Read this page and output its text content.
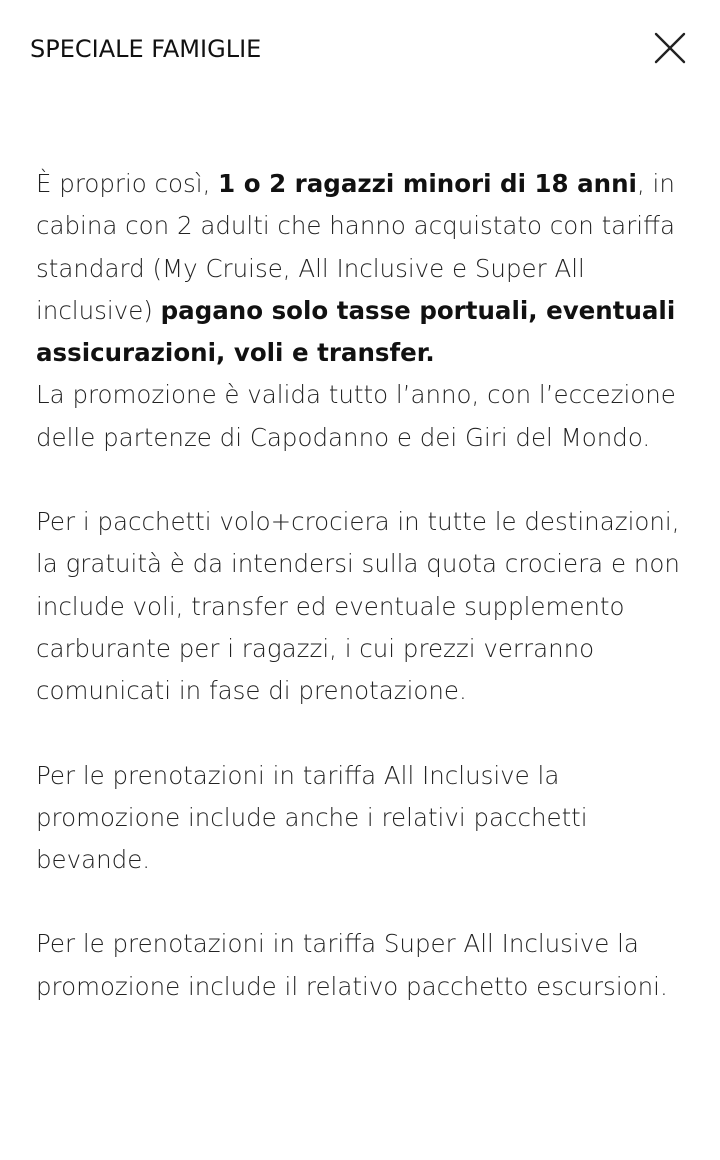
SPECIALE FAMIGLIE

È proprio così, 1 o 2 ragazzi minori di 18 anni, in cabina con 2 adulti che hanno acquistato con tariffa standard (My Cruise, All Inclusive e Super All inclusive) pagano solo tasse portuali, eventuali assicurazioni, voli e transfer.
La promozione è valida tutto l’anno, con l’eccezione delle partenze di Capodanno e dei Giri del Mondo.

Per i pacchetti volo+crociera in tutte le destinazioni, la gratuità è da intendersi sulla quota crociera e non include voli, transfer ed eventuale supplemento carburante per i ragazzi, i cui prezzi verranno comunicati in fase di prenotazione.

Per le prenotazioni in tariffa All Inclusive la promozione include anche i relativi pacchetti bevande.

Per le prenotazioni in tariffa Super All Inclusive la promozione include il relativo pacchetto escursioni.
